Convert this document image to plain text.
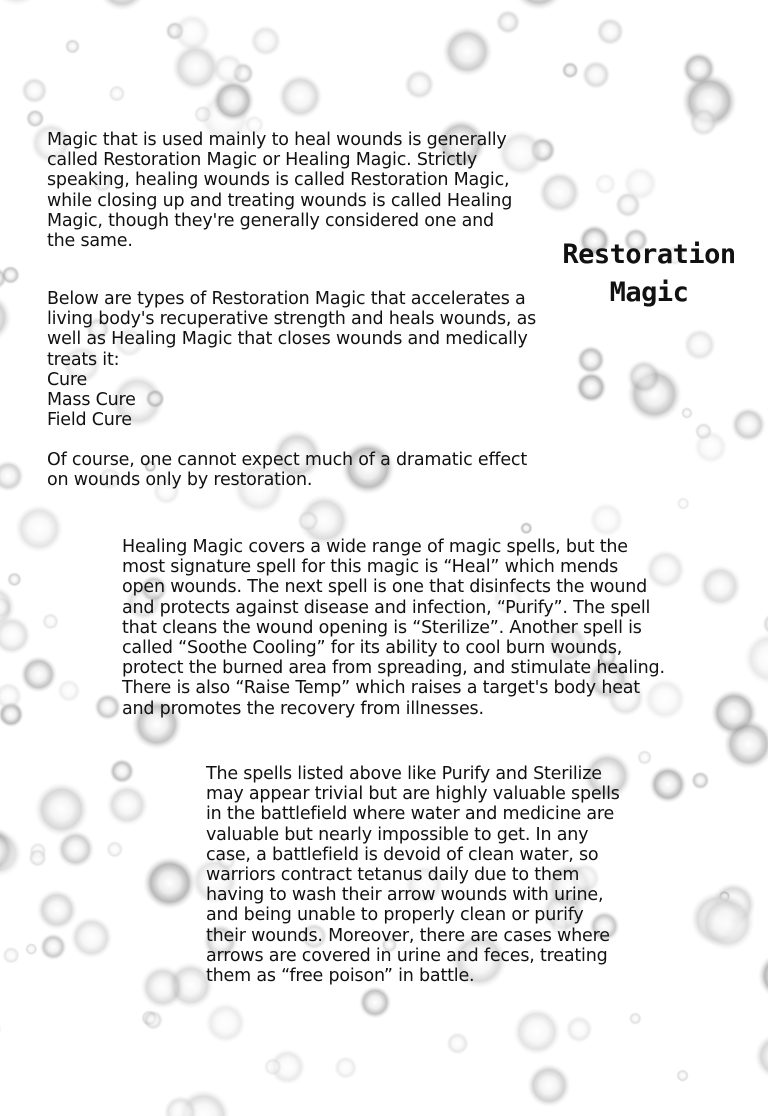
Restoration
Magic
Magic that is used mainly to heal wounds is generally
called Restoration Magic or Healing Magic. Strictly
speaking, healing wounds is called Restoration Magic,
while closing up and treating wounds is called Healing
Magic, though they're generally considered one and
the same.
Below are types of Restoration Magic that accelerates a
living body's recuperative strength and heals wounds, as
well as Healing Magic that closes wounds and medically
treats it:
Cure
Mass Cure
Field Cure
Of course, one cannot expect much of a dramatic effect
on wounds only by restoration.
Healing Magic covers a wide range of magic spells, but the
most signature spell for this magic is “Heal” which mends
open wounds. The next spell is one that disinfects the wound
and protects against disease and infection, “Purify”. The spell
that cleans the wound opening is “Sterilize”. Another spell is
called “Soothe Cooling” for its ability to cool burn wounds,
protect the burned area from spreading, and stimulate healing.
There is also “Raise Temp” which raises a target's body heat
and promotes the recovery from illnesses.
The spells listed above like Purify and Sterilize
may appear trivial but are highly valuable spells
in the battlefield where water and medicine are
valuable but nearly impossible to get. In any
case, a battlefield is devoid of clean water, so
warriors contract tetanus daily due to them
having to wash their arrow wounds with urine,
and being unable to properly clean or purify
their wounds. Moreover, there are cases where
arrows are covered in urine and feces, treating
them as “free poison” in battle.
